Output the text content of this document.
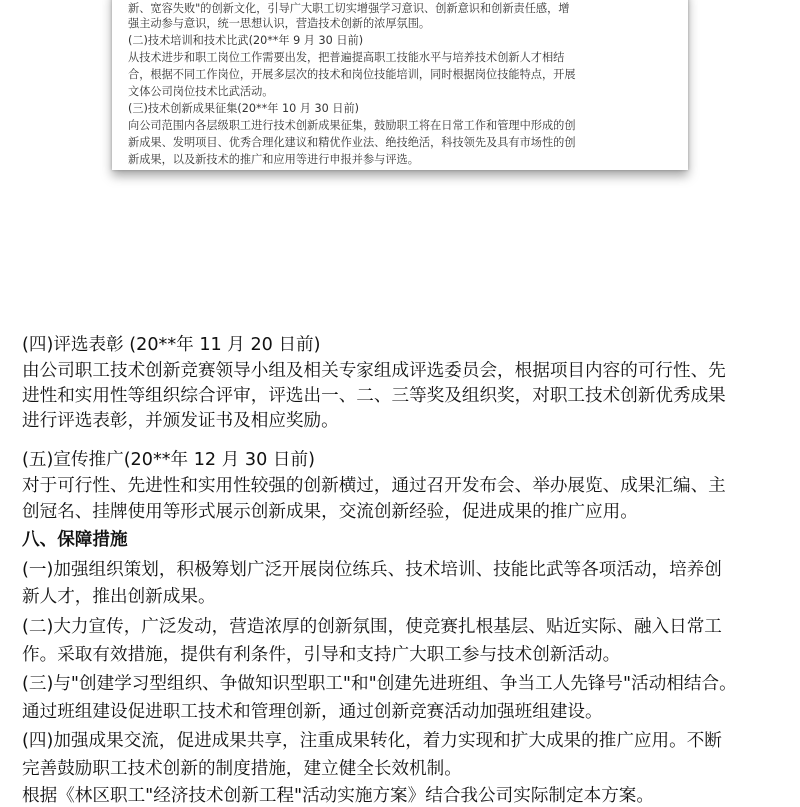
新、宽容失败"的创新文化，引导广大职工切实增强学习意识、创新意识和创新责任感，增
强主动参与意识，统一思想认识，营造技术创新的浓厚氛围。
(二)技术培训和技术比武(20**年 9 月 30 日前)
从技术进步和职工岗位工作需要出发，把普遍提高职工技能水平与培养技术创新人才相结
合，根据不同工作岗位，开展多层次的技术和岗位技能培训，同时根据岗位技能特点，开展
文体公司岗位技术比武活动。
(三)技术创新成果征集(20**年 10 月 30 日前)
向公司范围内各层级职工进行技术创新成果征集，鼓励职工将在日常工作和管理中形成的创
新成果、发明项目、优秀合理化建议和精优作业法、绝技绝活，科技领先及具有市场性的创
新成果，以及新技术的推广和应用等进行申报并参与评选。
(四)评选表彰 (20**年 11 月 20 日前)
由公司职工技术创新竞赛领导小组及相关专家组成评选委员会，根据项目内容的可行性、先
进性和实用性等组织综合评审，评选出一、二、三等奖及组织奖，对职工技术创新优秀成果
进行评选表彰，并颁发证书及相应奖励。
(五)宣传推广(20**年 12 月 30 日前)
对于可行性、先进性和实用性较强的创新横过，通过召开发布会、举办展览、成果汇编、主
创冠名、挂牌使用等形式展示创新成果，交流创新经验，促进成果的推广应用。
八、保障措施
(一)加强组织策划，积极筹划广泛开展岗位练兵、技术培训、技能比武等各项活动，培养创
新人才，推出创新成果。
(二)大力宣传，广泛发动，营造浓厚的创新氛围，使竞赛扎根基层、贴近实际、融入日常工
作。采取有效措施，提供有利条件，引导和支持广大职工参与技术创新活动。
(三)与"创建学习型组织、争做知识型职工"和"创建先进班组、争当工人先锋号"活动相结合。
通过班组建设促进职工技术和管理创新，通过创新竞赛活动加强班组建设。
(四)加强成果交流，促进成果共享，注重成果转化，着力实现和扩大成果的推广应用。不断
完善鼓励职工技术创新的制度措施，建立健全长效机制。
根据《林区职工"经济技术创新工程"活动实施方案》结合我公司实际制定本方案。
